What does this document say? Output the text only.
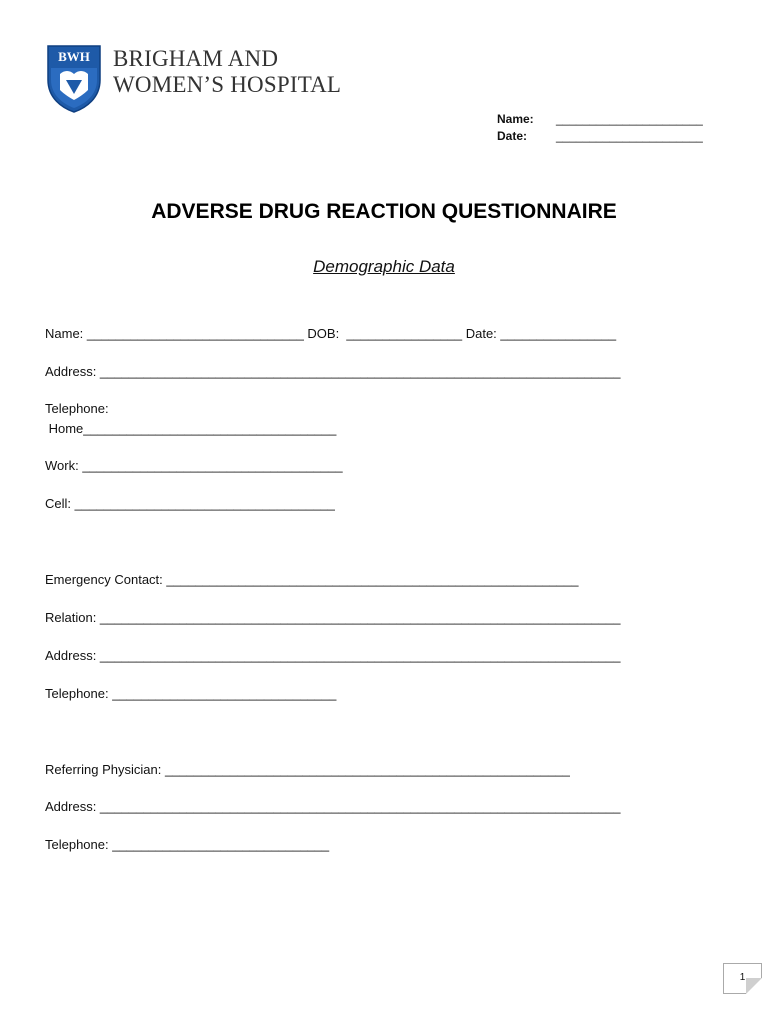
BWH BRIGHAM AND
WOMEN’S HOSPITAL
Name: ______________________
Date: ______________________
ADVERSE DRUG REACTION QUESTIONNAIRE
Demographic Data
Name: ______________________________ DOB:  ________________ Date: ________________
Address: ________________________________________________________________________
Telephone:
Home___________________________________
Work: ____________________________________
Cell: ____________________________________
Emergency Contact: _________________________________________________________
Relation: ________________________________________________________________________
Address: ________________________________________________________________________
Telephone: _______________________________
Referring Physician: ________________________________________________________
Address: ________________________________________________________________________
Telephone: ______________________________
1
